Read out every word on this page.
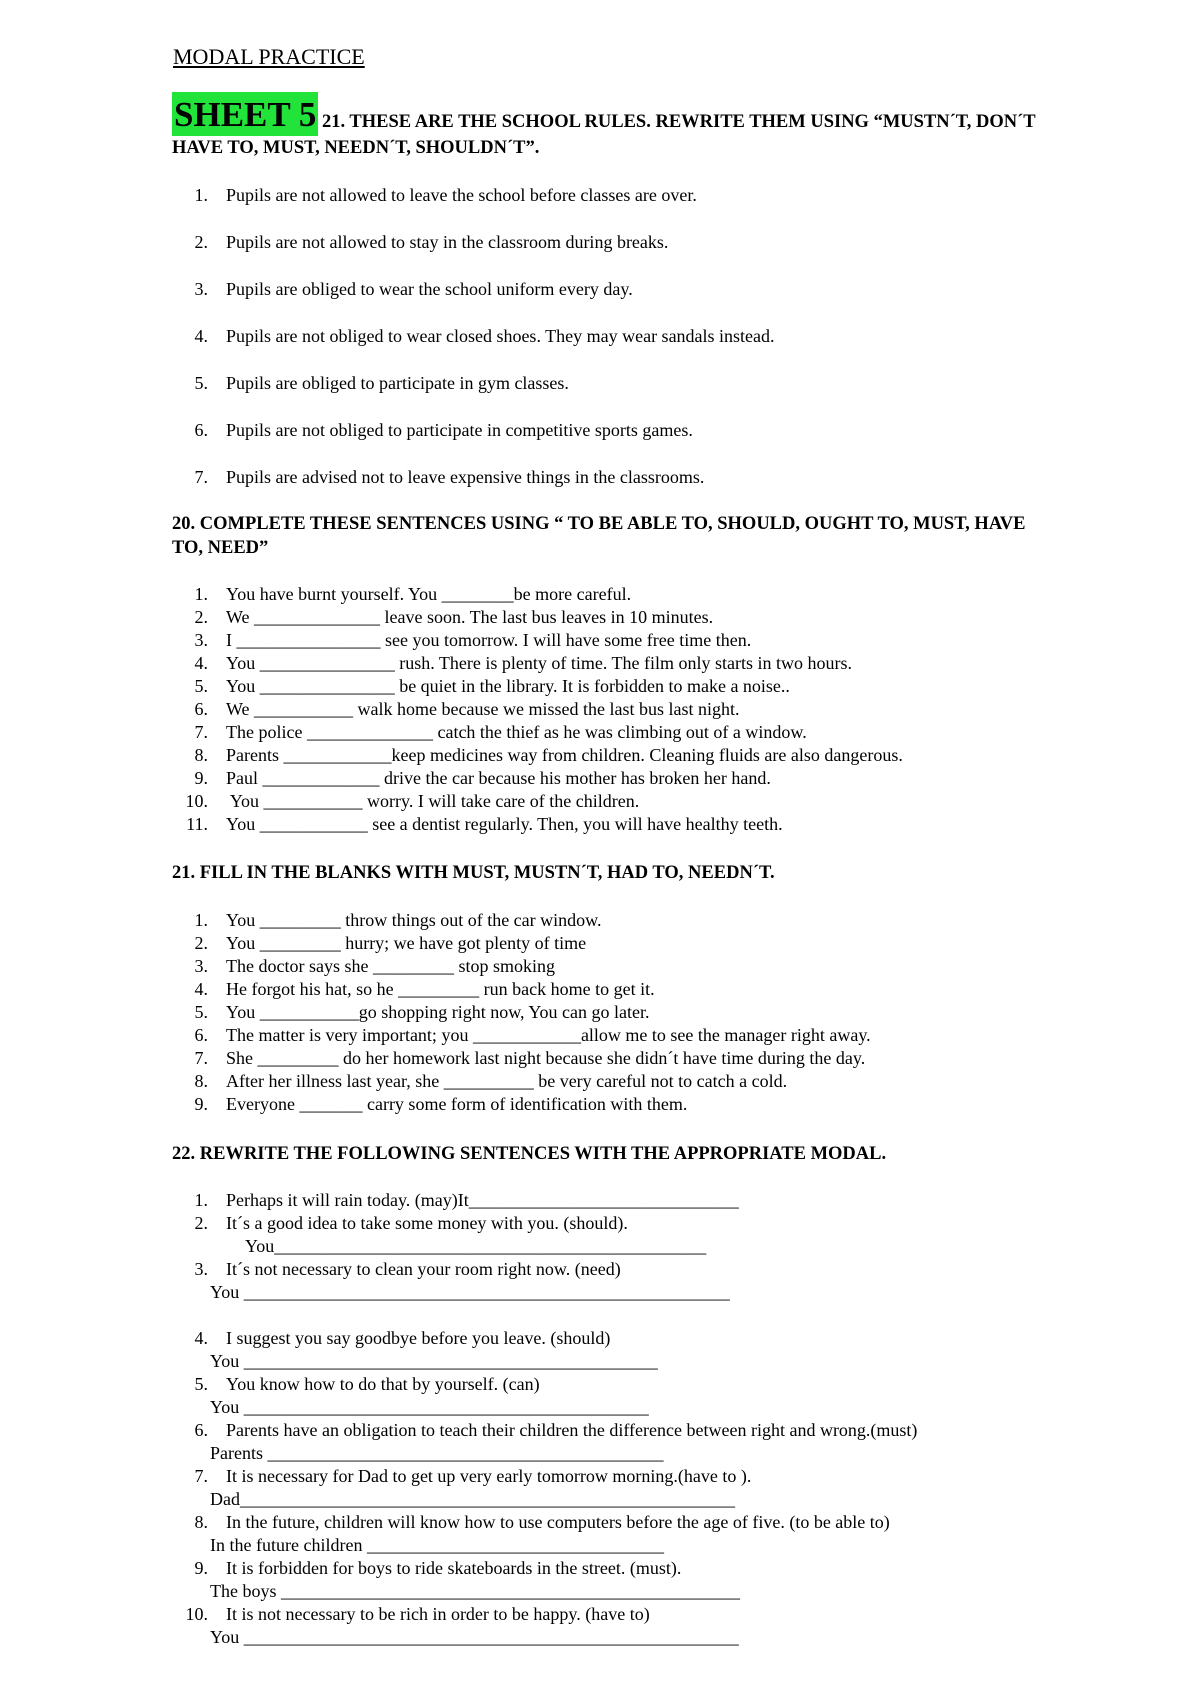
MODAL PRACTICE
SHEET 5 21. THESE ARE THE SCHOOL RULES. REWRITE THEM USING “MUSTN´T, DON´T
HAVE TO, MUST, NEEDN´T, SHOULDN´T”.
1. Pupils are not allowed to leave the school before classes are over.
2. Pupils are not allowed to stay in the classroom during breaks.
3. Pupils are obliged to wear the school uniform every day.
4. Pupils are not obliged to wear closed shoes. They may wear sandals instead.
5. Pupils are obliged to participate in gym classes.
6. Pupils are not obliged to participate in competitive sports games.
7. Pupils are advised not to leave expensive things in the classrooms.
20. COMPLETE THESE SENTENCES USING “ TO BE ABLE TO, SHOULD, OUGHT TO, MUST, HAVE
TO, NEED”
1. You have burnt yourself. You ________be more careful.
2. We ______________ leave soon. The last bus leaves in 10 minutes.
3. I ________________ see you tomorrow. I will have some free time then.
4. You _______________ rush. There is plenty of time. The film only starts in two hours.
5. You _______________ be quiet in the library. It is forbidden to make a noise..
6. We ___________ walk home because we missed the last bus last night.
7. The police ______________ catch the thief as he was climbing out of a window.
8. Parents ____________keep medicines way from children. Cleaning fluids are also dangerous.
9. Paul _____________ drive the car because his mother has broken her hand.
10. You ___________ worry. I will take care of the children.
11. You ____________ see a dentist regularly. Then, you will have healthy teeth.
21. FILL IN THE BLANKS WITH MUST, MUSTN´T, HAD TO, NEEDN´T.
1. You _________ throw things out of the car window.
2. You _________ hurry; we have got plenty of time
3. The doctor says she _________ stop smoking
4. He forgot his hat, so he _________ run back home to get it.
5. You ___________go shopping right now, You can go later.
6. The matter is very important; you ____________allow me to see the manager right away.
7. She _________ do her homework last night because she didn´t have time during the day.
8. After her illness last year, she __________ be very careful not to catch a cold.
9. Everyone _______ carry some form of identification with them.
22. REWRITE THE FOLLOWING SENTENCES WITH THE APPROPRIATE MODAL.
1. Perhaps it will rain today. (may)It______________________________
2. It´s a good idea to take some money with you. (should).
You________________________________________________
3. It´s not necessary to clean your room right now. (need)
You ______________________________________________________
4. I suggest you say goodbye before you leave. (should)
You ______________________________________________
5. You know how to do that by yourself. (can)
You _____________________________________________
6. Parents have an obligation to teach their children the difference between right and wrong.(must)
Parents ____________________________________________
7. It is necessary for Dad to get up very early tomorrow morning.(have to ).
Dad_______________________________________________________
8. In the future, children will know how to use computers before the age of five. (to be able to)
In the future children _________________________________
9. It is forbidden for boys to ride skateboards in the street. (must).
The boys ___________________________________________________
10. It is not necessary to be rich in order to be happy. (have to)
You _______________________________________________________
